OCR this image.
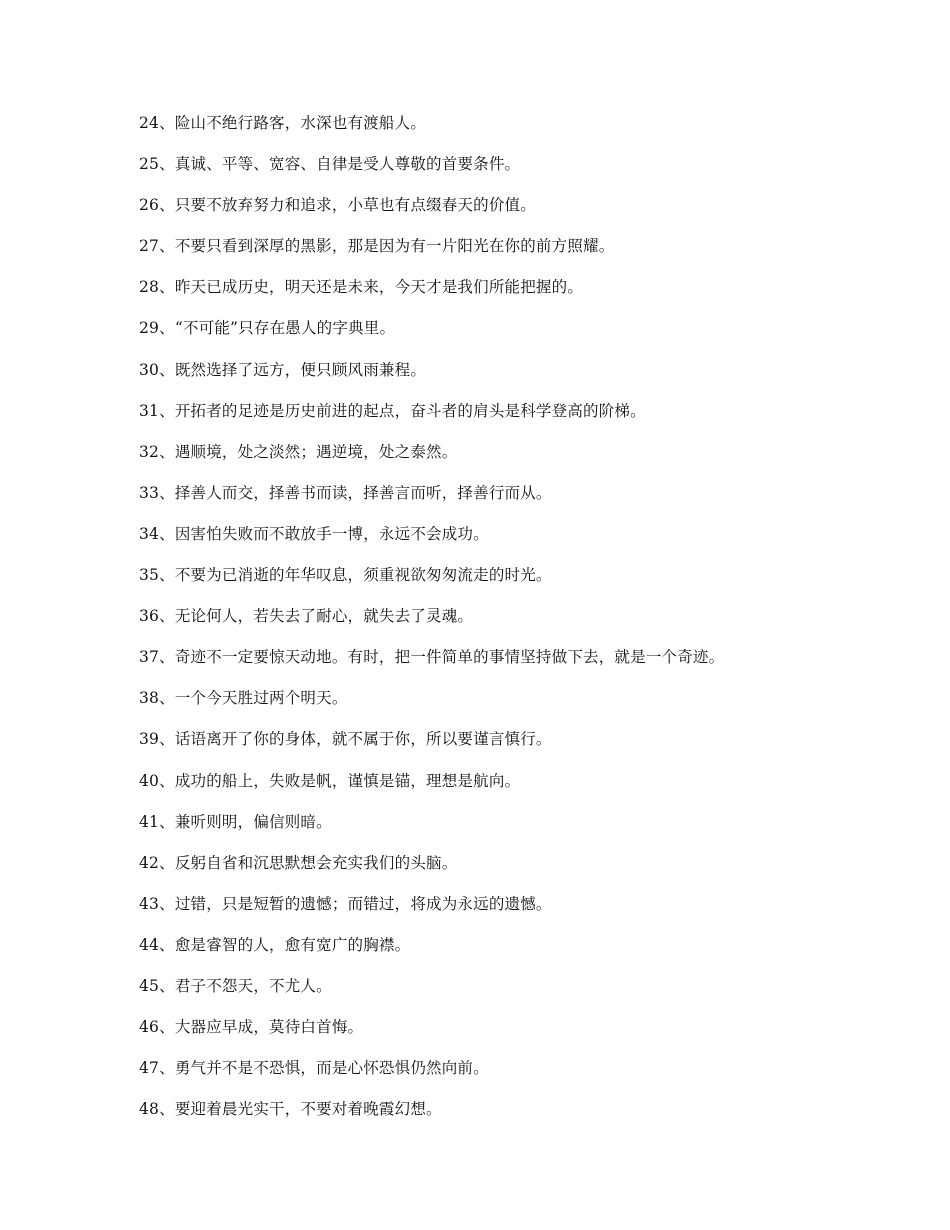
24、险山不绝行路客，水深也有渡船人。
25、真诚、平等、宽容、自律是受人尊敬的首要条件。
26、只要不放弃努力和追求，小草也有点缀春天的价值。
27、不要只看到深厚的黑影，那是因为有一片阳光在你的前方照耀。
28、昨天已成历史，明天还是未来，今天才是我们所能把握的。
29、“不可能”只存在愚人的字典里。
30、既然选择了远方，便只顾风雨兼程。
31、开拓者的足迹是历史前进的起点，奋斗者的肩头是科学登高的阶梯。
32、遇顺境，处之淡然；遇逆境，处之泰然。
33、择善人而交，择善书而读，择善言而听，择善行而从。
34、因害怕失败而不敢放手一博，永远不会成功。
35、不要为已消逝的年华叹息，须重视欲匆匆流走的时光。
36、无论何人，若失去了耐心，就失去了灵魂。
37、奇迹不一定要惊天动地。有时，把一件简单的事情坚持做下去，就是一个奇迹。
38、一个今天胜过两个明天。
39、话语离开了你的身体，就不属于你，所以要谨言慎行。
40、成功的船上，失败是帆，谨慎是锚，理想是航向。
41、兼听则明，偏信则暗。
42、反躬自省和沉思默想会充实我们的头脑。
43、过错，只是短暂的遗憾；而错过，将成为永远的遗憾。
44、愈是睿智的人，愈有宽广的胸襟。
45、君子不怨天，不尤人。
46、大器应早成，莫待白首悔。
47、勇气并不是不恐惧，而是心怀恐惧仍然向前。
48、要迎着晨光实干，不要对着晚霞幻想。
